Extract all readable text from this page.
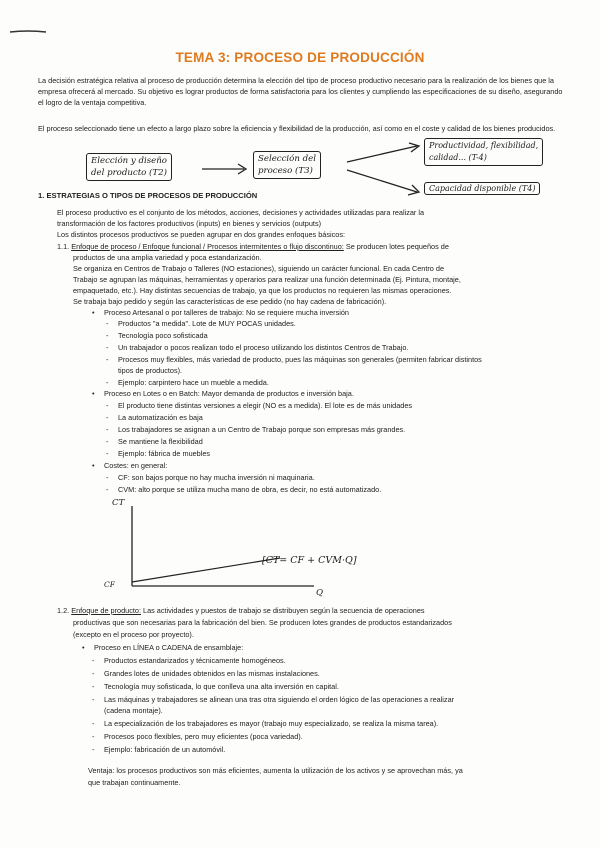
TEMA 3: PROCESO DE PRODUCCIÓN
La decisión estratégica relativa al proceso de producción determina la elección del tipo de proceso productivo necesario para la realización de los bienes que la empresa ofrecerá al mercado. Su objetivo es lograr productos de forma satisfactoria para los clientes y cumpliendo las especificaciones de su diseño, asegurando el logro de la ventaja competitiva.
El proceso seleccionado tiene un efecto a largo plazo sobre la eficiencia y flexibilidad de la producción, así como en el coste y calidad de los bienes producidos.
Elección y diseño
del producto (T2)
Selección del
proceso (T3)
Productividad, flexibilidad,
calidad... (T-4)
Capacidad disponible (T4)
1. ESTRATEGIAS O TIPOS DE PROCESOS DE PRODUCCIÓN
El proceso productivo es el conjunto de los métodos, acciones, decisiones y actividades utilizadas para realizar la
transformación de los factores productivos (inputs) en bienes y servicios (outputs)
Los distintos procesos productivos se pueden agrupar en dos grandes enfoques básicos:
1.1. Enfoque de proceso / Enfoque funcional / Procesos intermitentes o flujo discontinuo: Se producen lotes pequeños de
productos de una amplia variedad y poca estandarización.
Se organiza en Centros de Trabajo o Talleres (NO estaciones), siguiendo un carácter funcional. En cada Centro de
Trabajo se agrupan las máquinas, herramientas y operarios para realizar una función determinada (Ej. Pintura, montaje,
empaquetado, etc.). Hay distintas secuencias de trabajo, ya que los productos no requieren las mismas operaciones.
Se trabaja bajo pedido y según las características de ese pedido (no hay cadena de fabricación).
• Proceso Artesanal o por talleres de trabajo: No se requiere mucha inversión
- Productos "a medida". Lote de MUY POCAS unidades.
- Tecnología poco sofisticada
- Un trabajador o pocos realizan todo el proceso utilizando los distintos Centros de Trabajo.
- Procesos muy flexibles, más variedad de producto, pues las máquinas son generales (permiten fabricar distintos
tipos de productos).
- Ejemplo: carpintero hace un mueble a medida.
• Proceso en Lotes o en Batch: Mayor demanda de productos e inversión baja.
- El producto tiene distintas versiones a elegir (NO es a medida). El lote es de más unidades
- La automatización es baja
- Los trabajadores se asignan a un Centro de Trabajo porque son empresas más grandes.
- Se mantiene la flexibilidad
- Ejemplo: fábrica de muebles
• Costes: en general:
- CF: son bajos porque no hay mucha inversión ni maquinaria.
- CVM: alto porque se utiliza mucha mano de obra, es decir, no está automatizado.
CT
CF
Q
[CT= CF + CVM·Q]
1.2. Enfoque de producto: Las actividades y puestos de trabajo se distribuyen según la secuencia de operaciones
productivas que son necesarias para la fabricación del bien. Se producen lotes grandes de productos estandarizados
(excepto en el proceso por proyecto).
• Proceso en LÍNEA o CADENA de ensamblaje:
- Productos estandarizados y técnicamente homogéneos.
- Grandes lotes de unidades obtenidos en las mismas instalaciones.
- Tecnología muy sofisticada, lo que conlleva una alta inversión en capital.
- Las máquinas y trabajadores se alinean una tras otra siguiendo el orden lógico de las operaciones a realizar
(cadena montaje).
- La especialización de los trabajadores es mayor (trabajo muy especializado, se realiza la misma tarea).
- Procesos poco flexibles, pero muy eficientes (poca variedad).
- Ejemplo: fabricación de un automóvil.
Ventaja: los procesos productivos son más eficientes, aumenta la utilización de los activos y se aprovechan más, ya
que trabajan continuamente.
